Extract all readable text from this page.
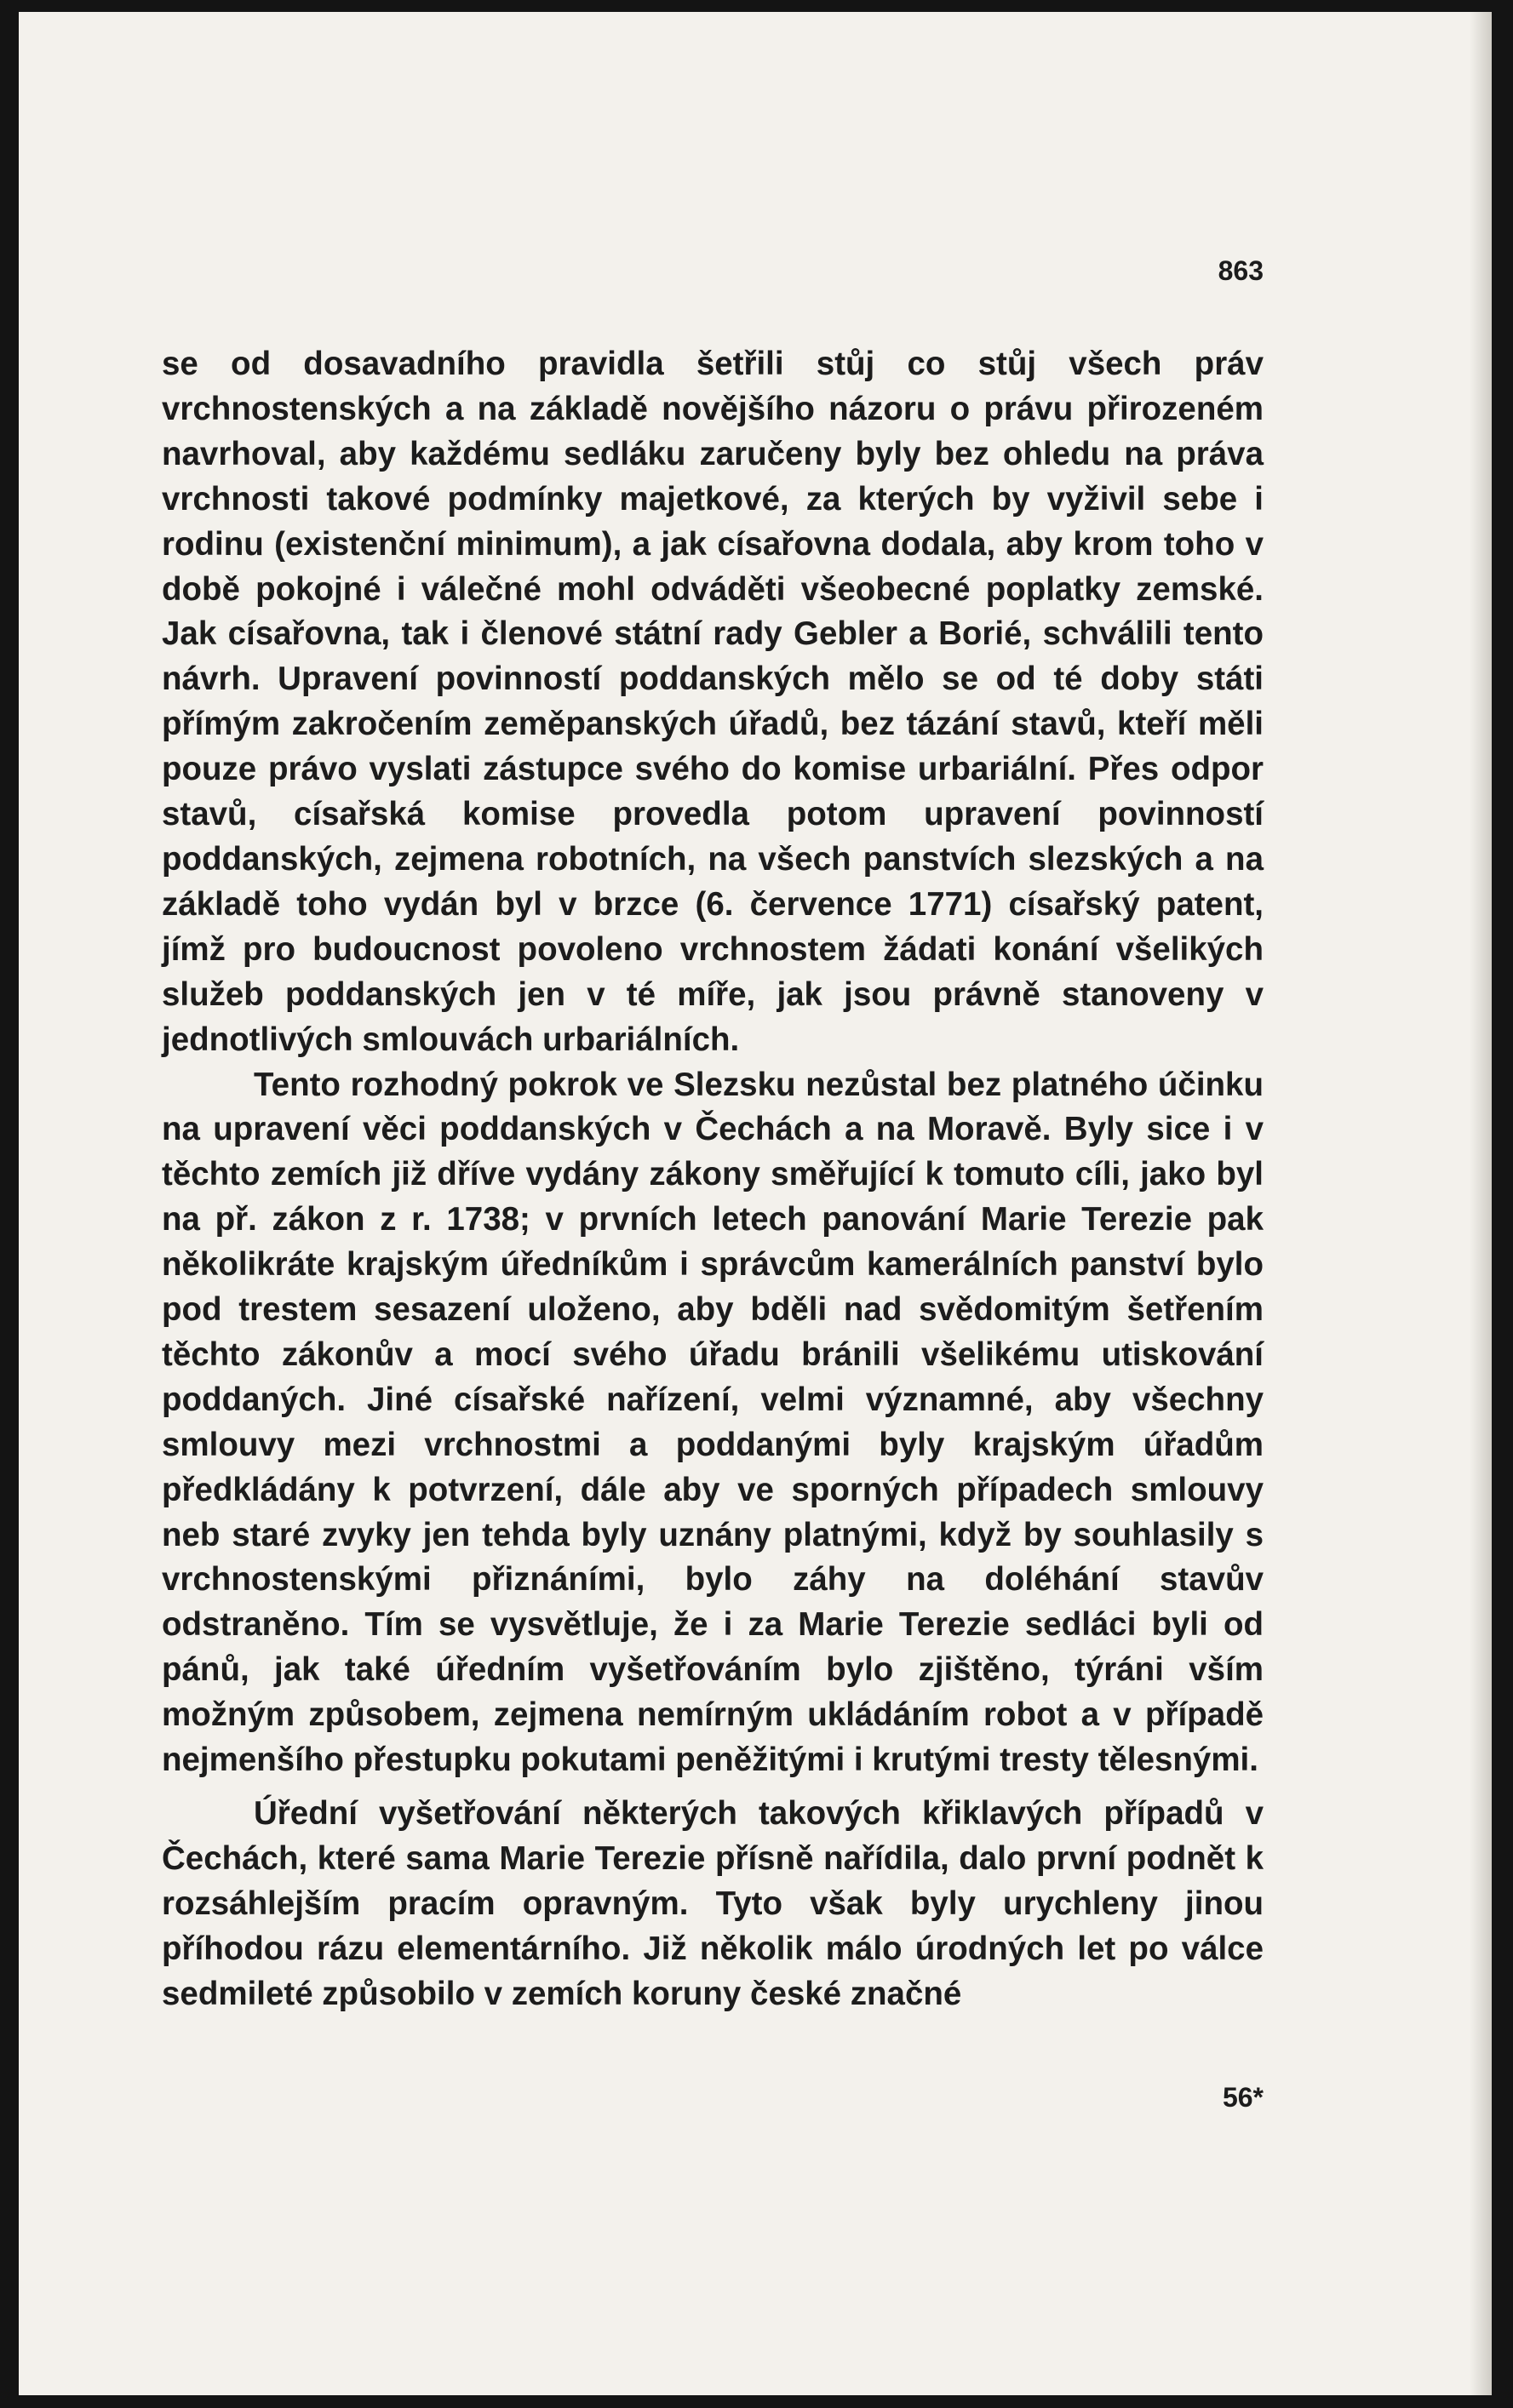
863

se od dosavadního pravidla šetřili stůj co stůj všech práv vrchnostenských a na základě novějšího názoru o právu přirozeném navrhoval, aby každému sedláku zaručeny byly bez ohledu na práva vrchnosti takové podmínky majetkové, za kterých by vyživil sebe i rodinu (existenční minimum), a jak císařovna dodala, aby krom toho v době pokojné i válečné mohl odváděti všeobecné poplatky zemské. Jak císařovna, tak i členové státní rady Gebler a Borié, schválili tento návrh. Upravení povinností poddanských mělo se od té doby státi přímým zakročením zeměpanských úřadů, bez tázání stavů, kteří měli pouze právo vyslati zástupce svého do komise urbariální. Přes odpor stavů, císařská komise provedla potom upravení povinností poddanských, zejmena robotních, na všech panstvích slezských a na základě toho vydán byl v brzce (6. července 1771) císařský patent, jímž pro budoucnost povoleno vrchnostem žádati konání všelikých služeb poddanských jen v té míře, jak jsou právně stanoveny v jednotlivých smlouvách urbariálních.

Tento rozhodný pokrok ve Slezsku nezůstal bez platného účinku na upravení věci poddanských v Čechách a na Moravě. Byly sice i v těchto zemích již dříve vydány zákony směřující k tomuto cíli, jako byl na př. zákon z r. 1738; v prvních letech panování Marie Terezie pak několikráte krajským úředníkům i správcům kamerálních panství bylo pod trestem sesazení uloženo, aby bděli nad svědomitým šetřením těchto zákonův a mocí svého úřadu bránili všelikému utiskování poddaných. Jiné císařské nařízení, velmi významné, aby všechny smlouvy mezi vrchnostmi a poddanými byly krajským úřadům předkládány k potvrzení, dále aby ve sporných případech smlouvy neb staré zvyky jen tehda byly uznány platnými, když by souhlasily s vrchnostenskými přiznáními, bylo záhy na doléhání stavův odstraněno. Tím se vysvětluje, že i za Marie Terezie sedláci byli od pánů, jak také úředním vyšetřováním bylo zjištěno, týráni vším možným způsobem, zejmena nemírným ukládáním robot a v případě nejmenšího přestupku pokutami peněžitými i krutými tresty tělesnými.

Úřední vyšetřování některých takových křiklavých případů v Čechách, které sama Marie Terezie přísně nařídila, dalo první podnět k rozsáhlejším pracím opravným. Tyto však byly urychleny jinou příhodou rázu elementárního. Již několik málo úrodných let po válce sedmileté způsobilo v zemích koruny české značné

56*
